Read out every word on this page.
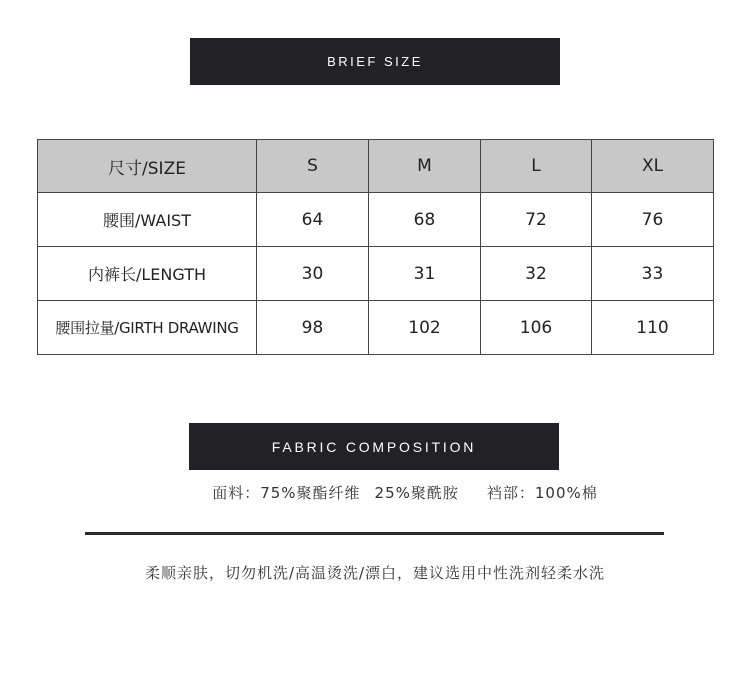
BRIEF SIZE
尺寸/SIZE	S	M	L	XL
腰围/WAIST	64	68	72	76
内裤长/LENGTH	30	31	32	33
腰围拉量/GIRTH DRAWING	98	102	106	110
FABRIC COMPOSITION
面料：75%聚酯纤维 25%聚酰胺 裆部：100%棉
柔顺亲肤，切勿机洗/高温烫洗/漂白，建议选用中性洗剂轻柔水洗
